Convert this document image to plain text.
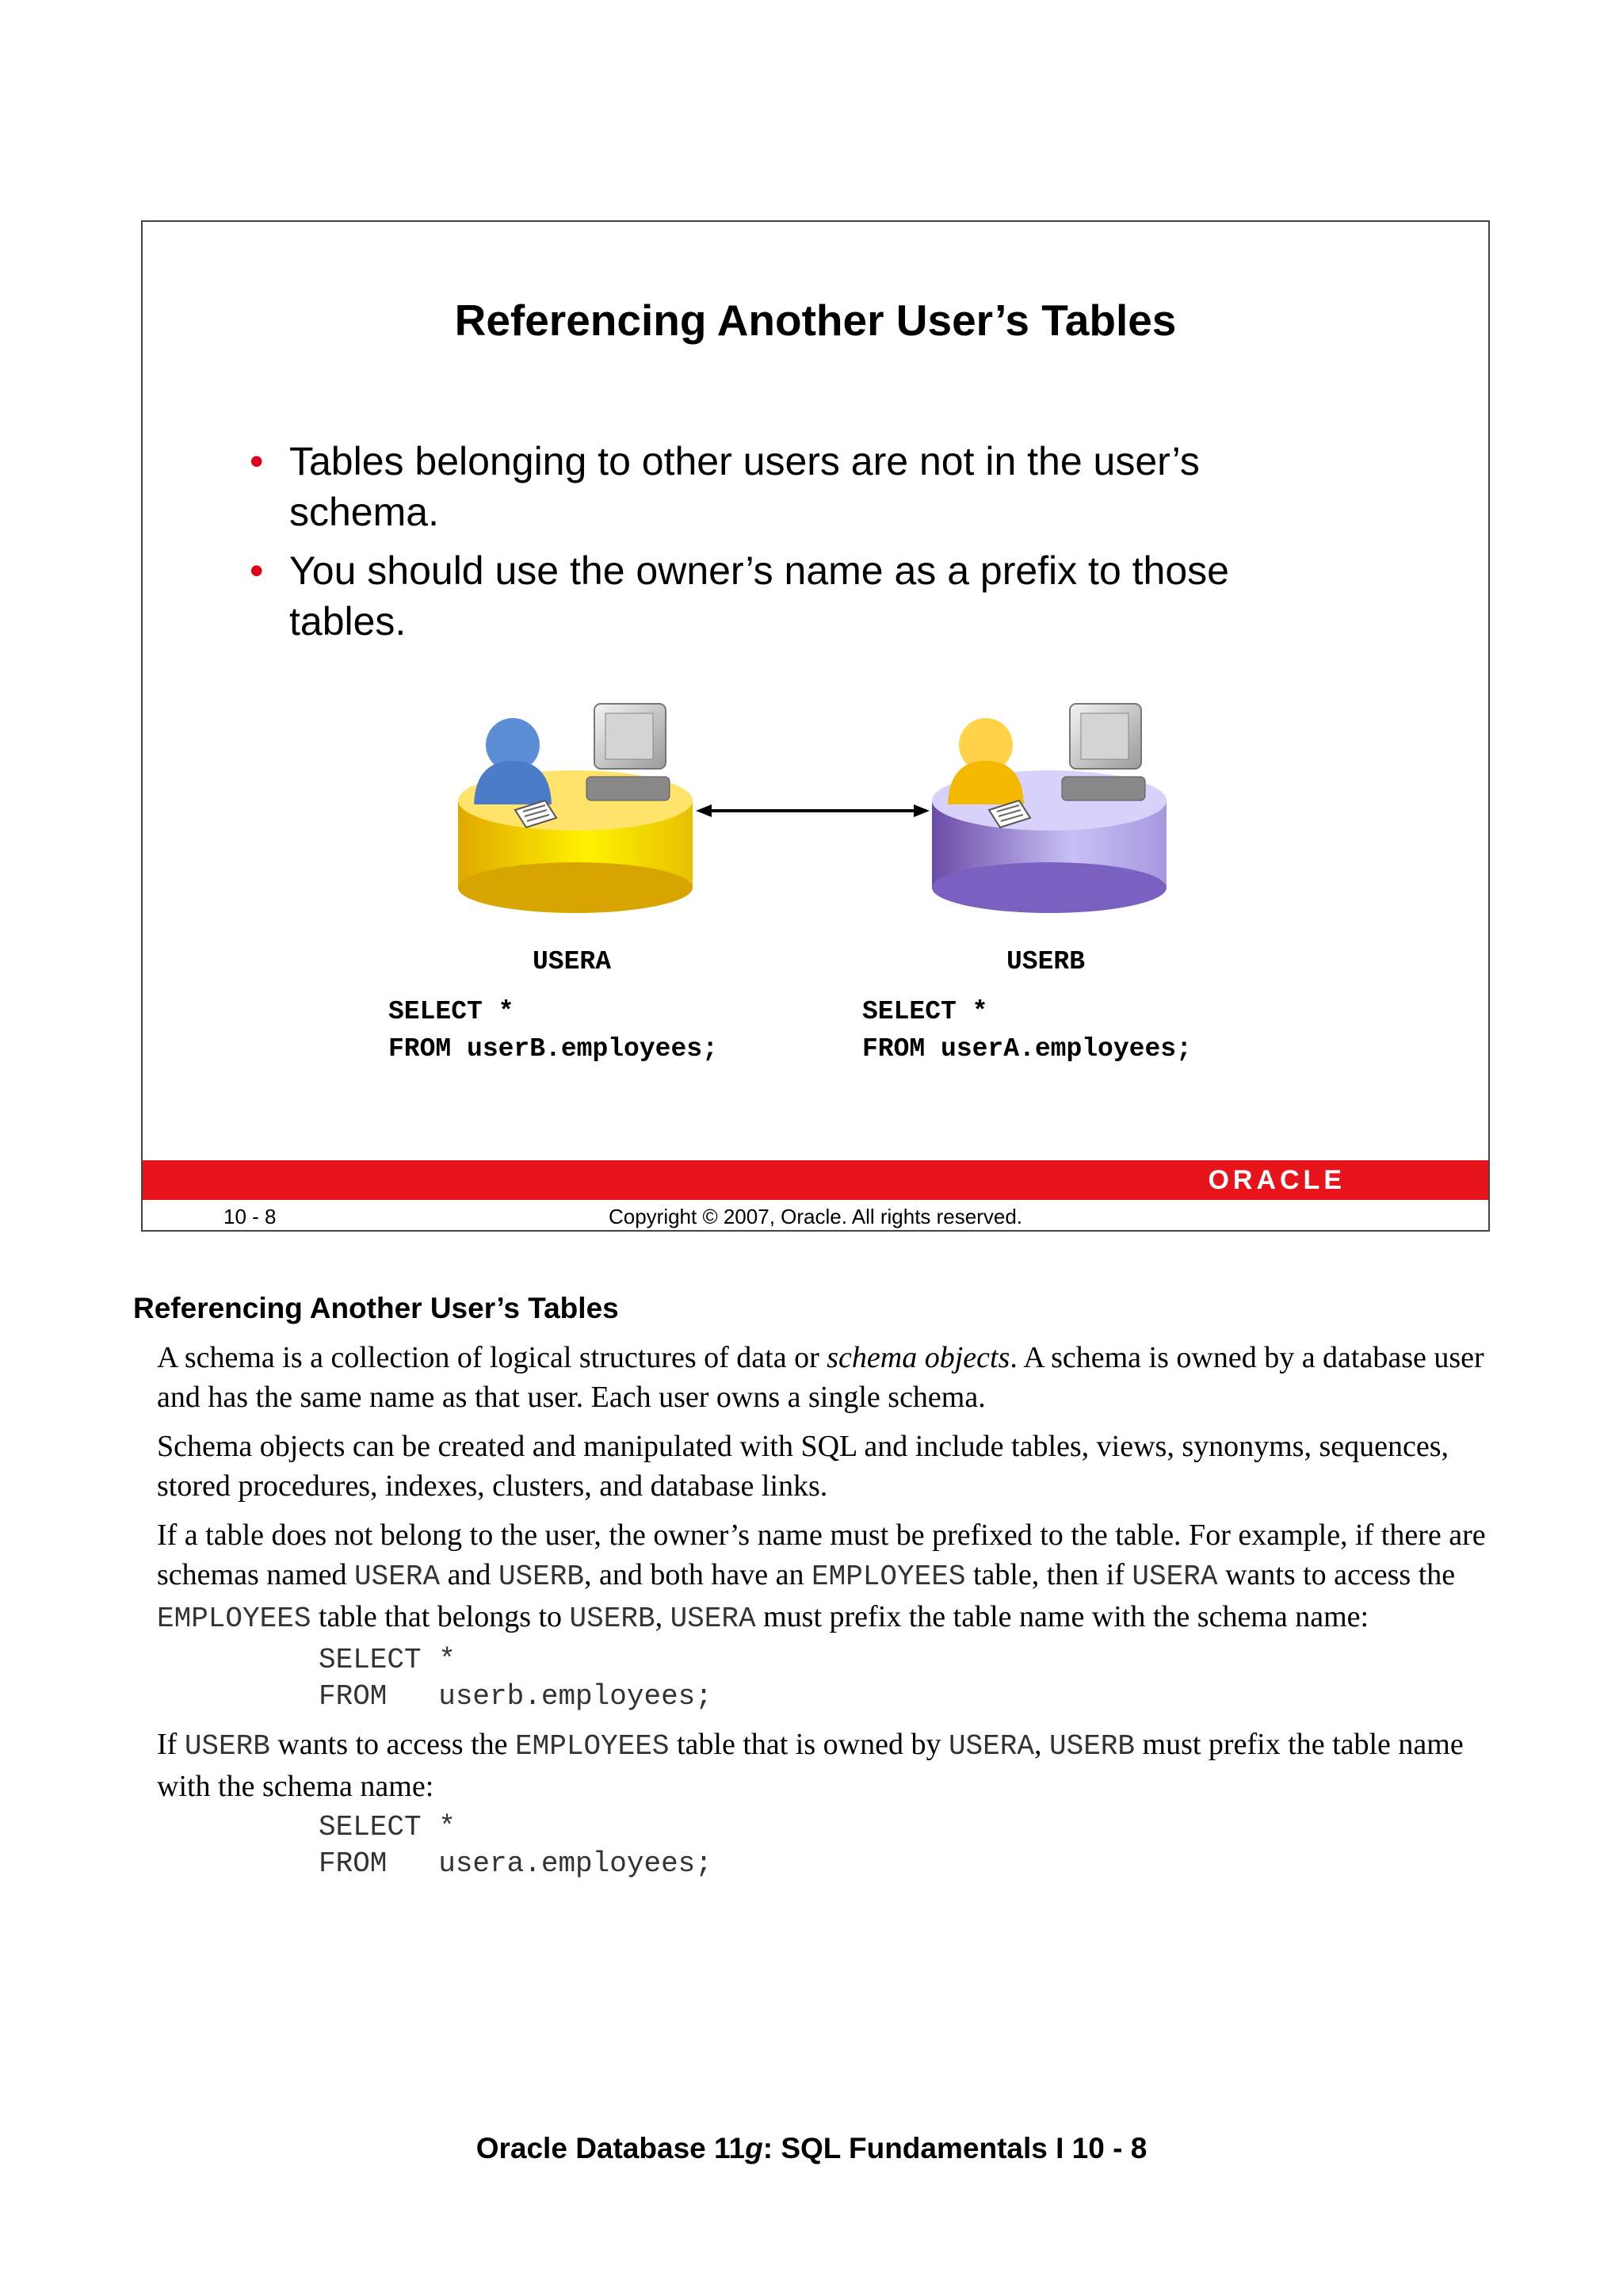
Referencing Another User’s Tables
• Tables belonging to other users are not in the user’s schema.
• You should use the owner’s name as a prefix to those tables.
USERA	USERB
SELECT *
FROM userB.employees;
SELECT *
FROM userA.employees;
ORACLE
10 - 8	Copyright © 2007, Oracle. All rights reserved.
Referencing Another User’s Tables

A schema is a collection of logical structures of data or schema objects. A schema is owned by a database user and has the same name as that user. Each user owns a single schema.

Schema objects can be created and manipulated with SQL and include tables, views, synonyms, sequences, stored procedures, indexes, clusters, and database links.

If a table does not belong to the user, the owner’s name must be prefixed to the table. For example, if there are schemas named USERA and USERB, and both have an EMPLOYEES table, then if USERA wants to access the EMPLOYEES table that belongs to USERB, USERA must prefix the table name with the schema name:

SELECT *
FROM   userb.employees;

If USERB wants to access the EMPLOYEES table that is owned by USERA, USERB must prefix the table name with the schema name:

SELECT *
FROM   usera.employees;
Oracle Database 11g: SQL Fundamentals I 10 - 8
